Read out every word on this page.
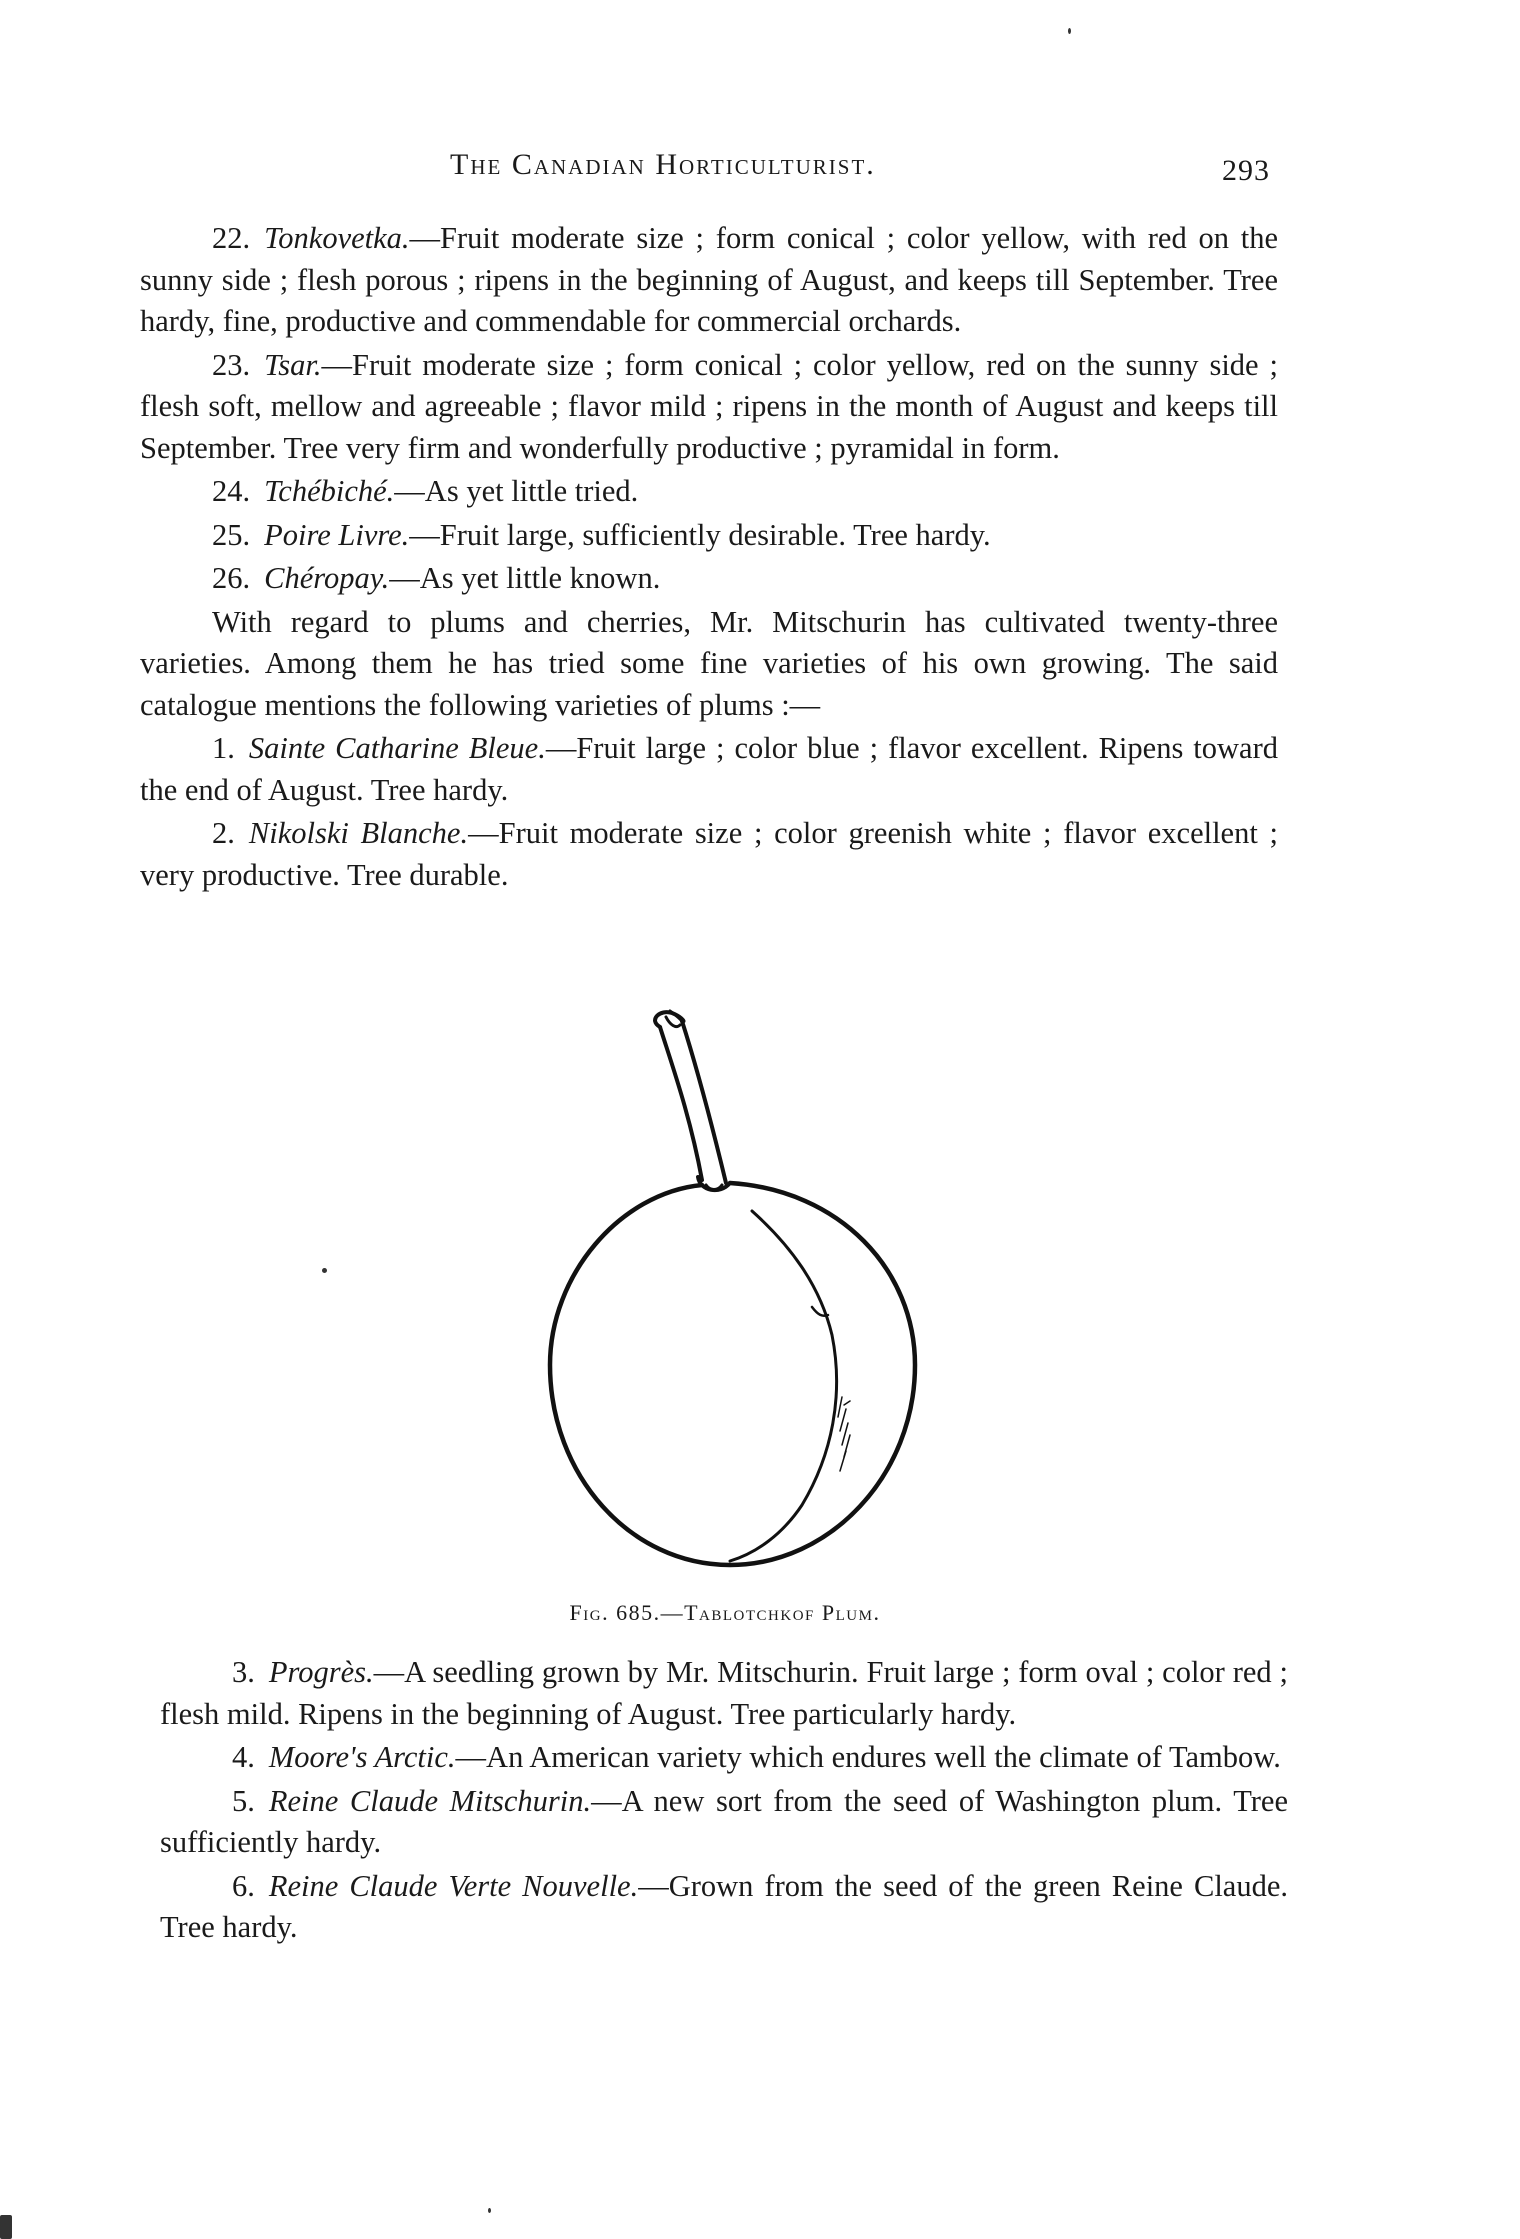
The Canadian Horticulturist.	293

22. Tonkovetka.—Fruit moderate size ; form conical ; color yellow, with red on the sunny side ; flesh porous ; ripens in the beginning of August, and keeps till September. Tree hardy, fine, productive and commendable for commercial orchards.

23. Tsar.—Fruit moderate size ; form conical ; color yellow, red on the sunny side ; flesh soft, mellow and agreeable ; flavor mild ; ripens in the month of August and keeps till September. Tree very firm and wonderfully productive ; pyramidal in form.

24. Tchébiché.—As yet little tried.

25. Poire Livre.—Fruit large, sufficiently desirable. Tree hardy.

26. Chéropay.—As yet little known.

With regard to plums and cherries, Mr. Mitschurin has cultivated twenty-three varieties. Among them he has tried some fine varieties of his own growing. The said catalogue mentions the following varieties of plums :—

1. Sainte Catharine Bleue.—Fruit large ; color blue ; flavor excellent. Ripens toward the end of August. Tree hardy.

2. Nikolski Blanche.—Fruit moderate size ; color greenish white ; flavor excellent ; very productive. Tree durable.

Fig. 685.—Tablotchkof Plum.

3. Progrès.—A seedling grown by Mr. Mitschurin. Fruit large ; form oval ; color red ; flesh mild. Ripens in the beginning of August. Tree particularly hardy.

4. Moore's Arctic.—An American variety which endures well the climate of Tambow.

5. Reine Claude Mitschurin.—A new sort from the seed of Washington plum. Tree sufficiently hardy.

6. Reine Claude Verte Nouvelle.—Grown from the seed of the green Reine Claude. Tree hardy.
